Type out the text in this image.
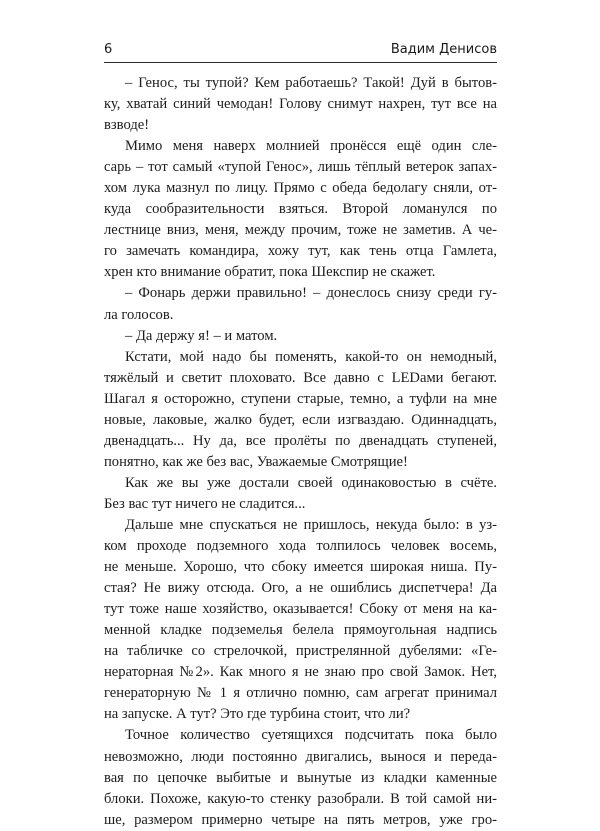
6	Вадим Денисов
– Генос, ты тупой? Кем работаешь? Такой! Дуй в бытов-
ку, хватай синий чемодан! Голову снимут нахрен, тут все на
взводе!
Мимо меня наверх молнией пронёсся ещё один сле-
сарь – тот самый «тупой Генос», лишь тёплый ветерок запах-
хом лука мазнул по лицу. Прямо с обеда бедолагу сняли, от-
куда сообразительности взяться. Второй ломанулся по
лестнице вниз, меня, между прочим, тоже не заметив. А че-
го замечать командира, хожу тут, как тень отца Гамлета,
хрен кто внимание обратит, пока Шекспир не скажет.
– Фонарь держи правильно! – донеслось снизу среди гу-
ла голосов.
– Да держу я! – и матом.
Кстати, мой надо бы поменять, какой-то он немодный,
тяжёлый и светит плоховато. Все давно с LEDами бегают.
Шагал я осторожно, ступени старые, темно, а туфли на мне
новые, лаковые, жалко будет, если изгваздаю. Одиннадцать,
двенадцать... Ну да, все пролёты по двенадцать ступеней,
понятно, как же без вас, Уважаемые Смотрящие!
Как же вы уже достали своей одинаковостью в счёте.
Без вас тут ничего не сладится...
Дальше мне спускаться не пришлось, некуда было: в уз-
ком проходе подземного хода толпилось человек восемь,
не меньше. Хорошо, что сбоку имеется широкая ниша. Пу-
стая? Не вижу отсюда. Ого, а не ошиблись диспетчера! Да
тут тоже наше хозяйство, оказывается! Сбоку от меня на ка-
менной кладке подземелья белела прямоугольная надпись
на табличке со стрелочкой, пристрелянной дубелями: «Ге-
нераторная №2». Как много я не знаю про свой Замок. Нет,
генераторную № 1 я отлично помню, сам агрегат принимал
на запуске. А тут? Это где турбина стоит, что ли?
Точное количество суетящихся подсчитать пока было
невозможно, люди постоянно двигались, вынося и переда-
вая по цепочке выбитые и вынутые из кладки каменные
блоки. Похоже, какую-то стенку разобрали. В той самой ни-
ше, размером примерно четыре на пять метров, уже гро-
